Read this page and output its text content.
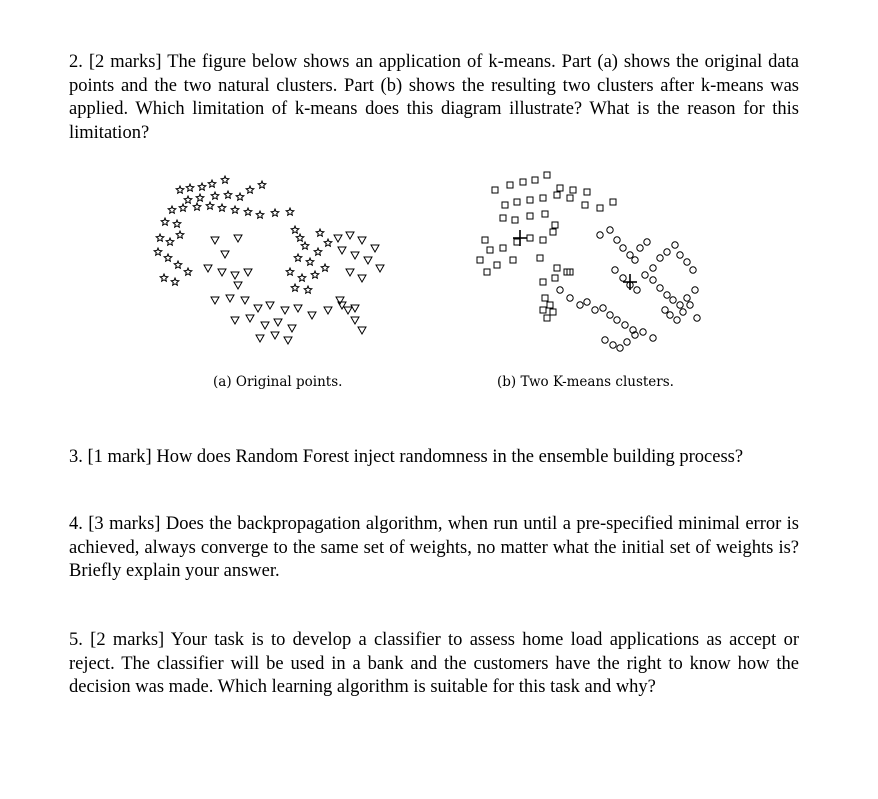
2. [2 marks] The figure below shows an application of k-means. Part (a) shows the original data points and the two natural clusters. Part (b) shows the resulting two clusters after k-means was applied. Which limitation of k-means does this diagram illustrate? What is the reason for this limitation?

(a) Original points.	(b) Two K-means clusters.

3. [1 mark] How does Random Forest inject randomness in the ensemble building process?

4. [3 marks] Does the backpropagation algorithm, when run until a pre-specified minimal error is achieved, always converge to the same set of weights, no matter what the initial set of weights is? Briefly explain your answer.

5. [2 marks] Your task is to develop a classifier to assess home load applications as accept or reject. The classifier will be used in a bank and the customers have the right to know how the decision was made. Which learning algorithm is suitable for this task and why?
